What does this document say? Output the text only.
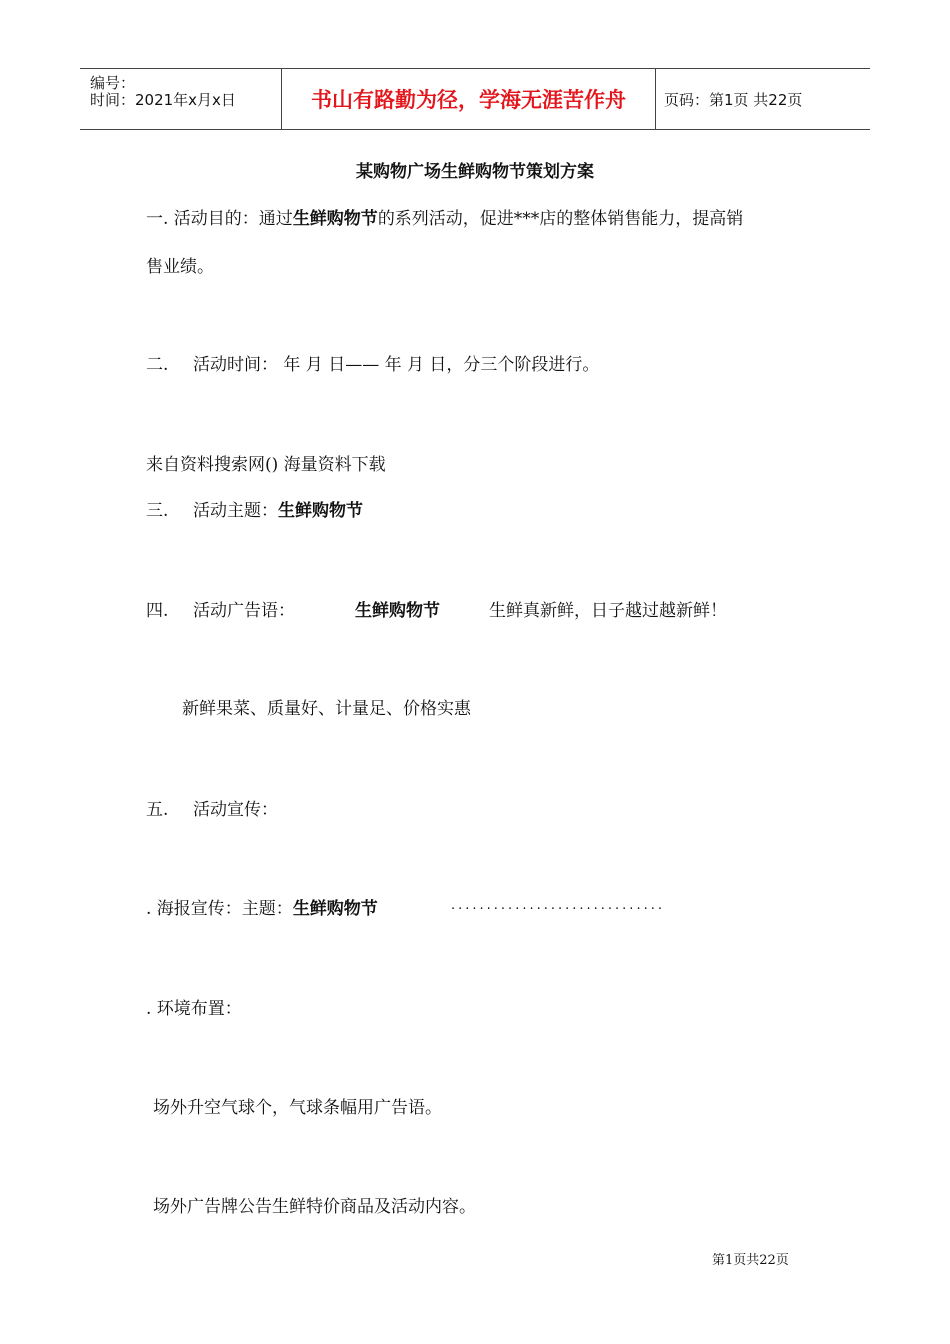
编号：
时间：2021年x月x日	书山有路勤为径，学海无涯苦作舟	页码：第1页 共22页
某购物广场生鲜购物节策划方案
一. 活动目的：通过生鲜购物节的系列活动，促进***店的整体销售能力，提高销
售业绩。
二. 活动时间： 年 月 日—— 年 月 日，分三个阶段进行。
来自资料搜索网() 海量资料下载
三. 活动主题：生鲜购物节
四. 活动广告语：	生鲜购物节	生鲜真新鲜，日子越过越新鲜！
新鲜果菜、质量好、计量足、价格实惠
五. 活动宣传：
. 海报宣传：主题：生鲜购物节	..............................
. 环境布置：
场外升空气球个，气球条幅用广告语。
场外广告牌公告生鲜特价商品及活动内容。
第1页共22页
